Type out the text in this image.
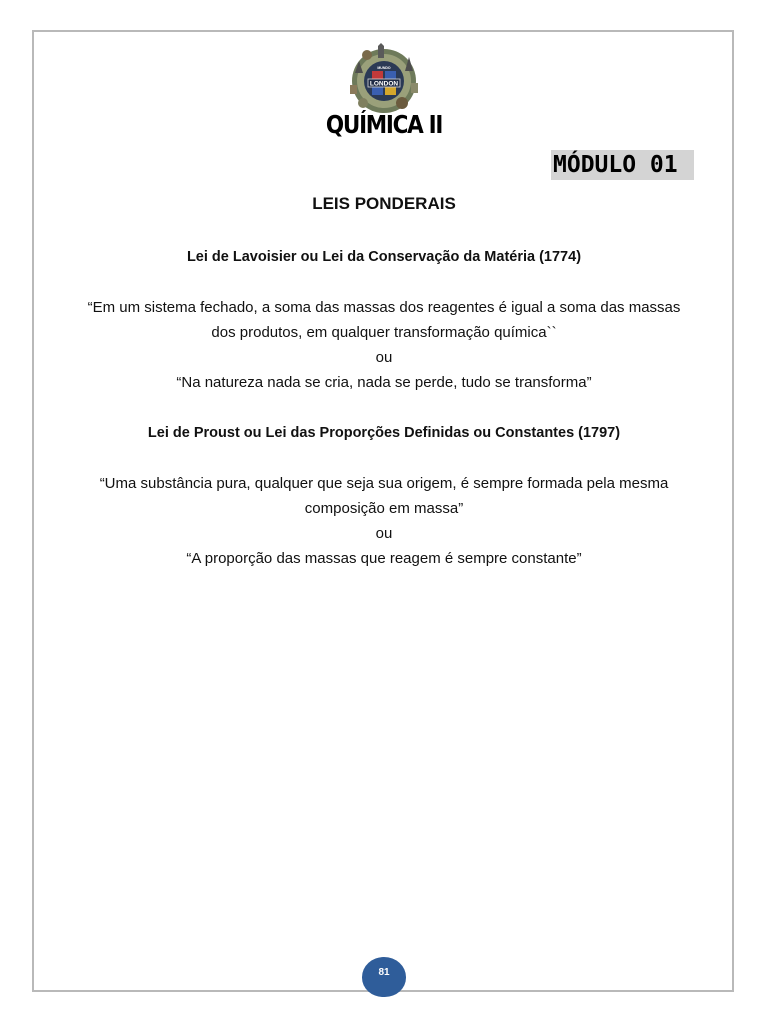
LONDON
MUNDO
QUÍMICA II
MÓDULO 01
LEIS PONDERAIS
Lei de Lavoisier ou Lei da Conservação da Matéria (1774)
“Em um sistema fechado, a soma das massas dos reagentes é igual a soma das massas
dos produtos, em qualquer transformação química``
ou
“Na natureza nada se cria, nada se perde, tudo se transforma”
Lei de Proust ou Lei das Proporções Definidas ou Constantes (1797)
“Uma substância pura, qualquer que seja sua origem, é sempre formada pela mesma
composição em massa”
ou
“A proporção das massas que reagem é sempre constante”
81
